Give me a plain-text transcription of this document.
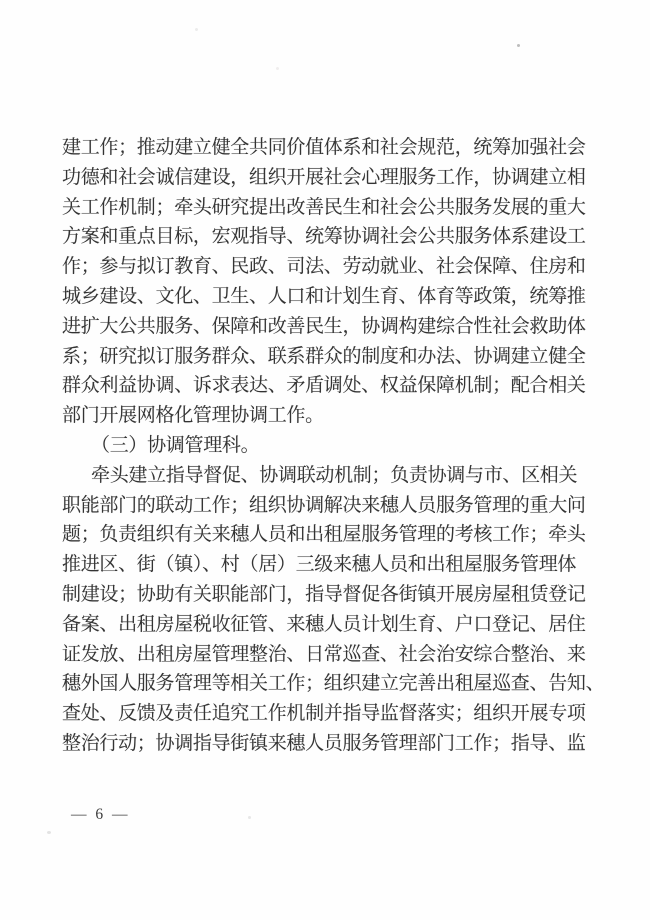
建工作；推动建立健全共同价值体系和社会规范，统筹加强社会
功德和社会诚信建设，组织开展社会心理服务工作，协调建立相
关工作机制；牵头研究提出改善民生和社会公共服务发展的重大
方案和重点目标，宏观指导、统筹协调社会公共服务体系建设工
作；参与拟订教育、民政、司法、劳动就业、社会保障、住房和
城乡建设、文化、卫生、人口和计划生育、体育等政策，统筹推
进扩大公共服务、保障和改善民生，协调构建综合性社会救助体
系；研究拟订服务群众、联系群众的制度和办法、协调建立健全
群众利益协调、诉求表达、矛盾调处、权益保障机制；配合相关
部门开展网格化管理协调工作。
（三）协调管理科。
牵头建立指导督促、协调联动机制；负责协调与市、区相关
职能部门的联动工作；组织协调解决来穗人员服务管理的重大问
题；负责组织有关来穗人员和出租屋服务管理的考核工作；牵头
推进区、街（镇）、村（居）三级来穗人员和出租屋服务管理体
制建设；协助有关职能部门，指导督促各街镇开展房屋租赁登记
备案、出租房屋税收征管、来穗人员计划生育、户口登记、居住
证发放、出租房屋管理整治、日常巡查、社会治安综合整治、来
穗外国人服务管理等相关工作；组织建立完善出租屋巡查、告知、
查处、反馈及责任追究工作机制并指导监督落实；组织开展专项
整治行动；协调指导街镇来穗人员服务管理部门工作；指导、监
— 6 —
